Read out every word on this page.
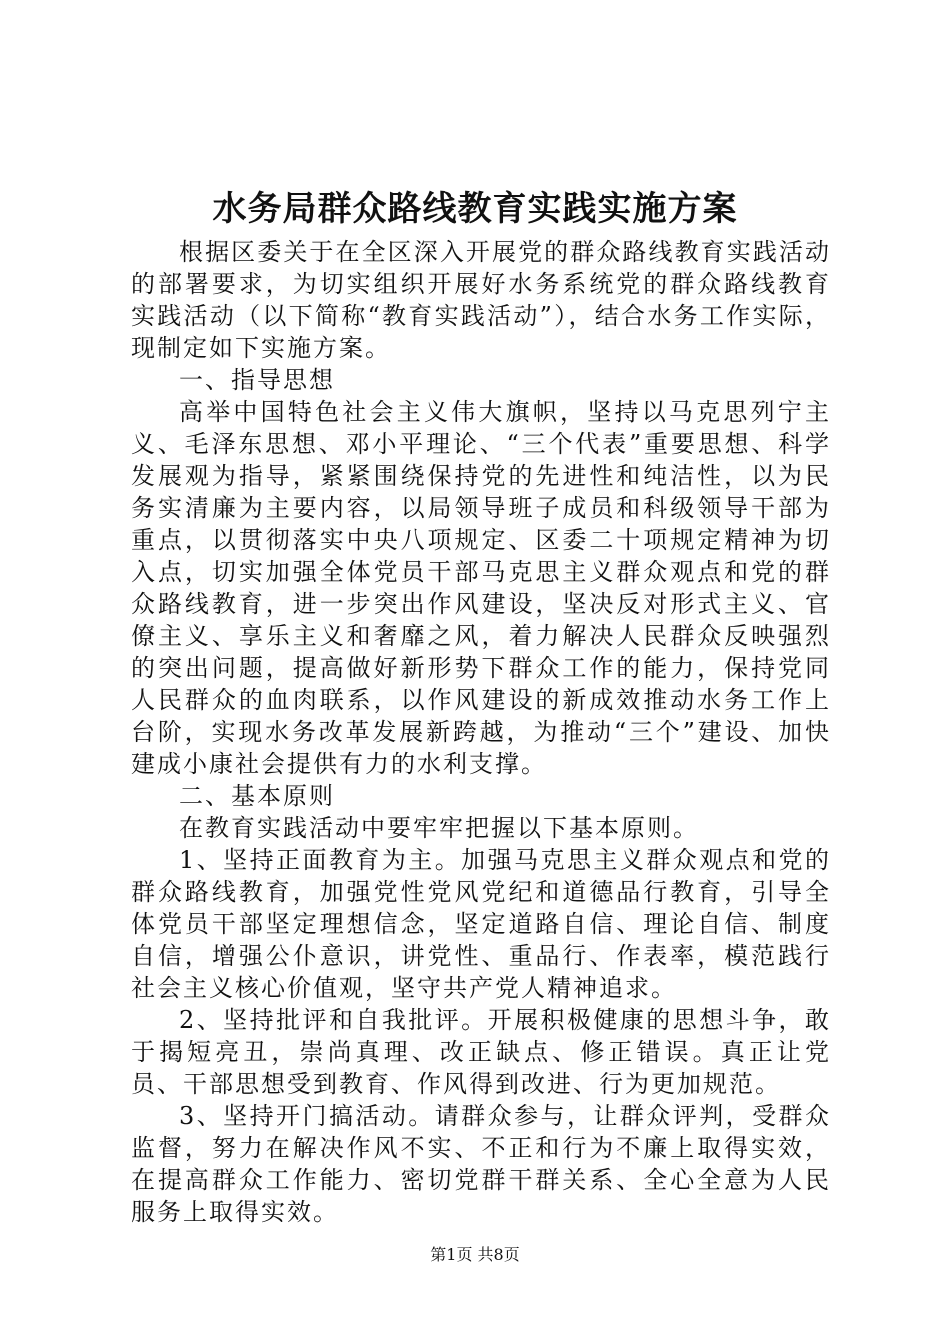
水务局群众路线教育实践实施方案

根据区委关于在全区深入开展党的群众路线教育实践活动的部署要求，为切实组织开展好水务系统党的群众路线教育实践活动（以下简称“教育实践活动”），结合水务工作实际，现制定如下实施方案。

一、指导思想

高举中国特色社会主义伟大旗帜，坚持以马克思列宁主义、毛泽东思想、邓小平理论、“三个代表”重要思想、科学发展观为指导，紧紧围绕保持党的先进性和纯洁性，以为民务实清廉为主要内容，以局领导班子成员和科级领导干部为重点，以贯彻落实中央八项规定、区委二十项规定精神为切入点，切实加强全体党员干部马克思主义群众观点和党的群众路线教育，进一步突出作风建设，坚决反对形式主义、官僚主义、享乐主义和奢靡之风，着力解决人民群众反映强烈的突出问题，提高做好新形势下群众工作的能力，保持党同人民群众的血肉联系，以作风建设的新成效推动水务工作上台阶，实现水务改革发展新跨越，为推动“三个”建设、加快建成小康社会提供有力的水利支撑。

二、基本原则

在教育实践活动中要牢牢把握以下基本原则。

1、坚持正面教育为主。加强马克思主义群众观点和党的群众路线教育，加强党性党风党纪和道德品行教育，引导全体党员干部坚定理想信念，坚定道路自信、理论自信、制度自信，增强公仆意识，讲党性、重品行、作表率，模范践行社会主义核心价值观，坚守共产党人精神追求。

2、坚持批评和自我批评。开展积极健康的思想斗争，敢于揭短亮丑，崇尚真理、改正缺点、修正错误。真正让党员、干部思想受到教育、作风得到改进、行为更加规范。

3、坚持开门搞活动。请群众参与，让群众评判，受群众监督，努力在解决作风不实、不正和行为不廉上取得实效，在提高群众工作能力、密切党群干群关系、全心全意为人民服务上取得实效。

第1页 共8页
